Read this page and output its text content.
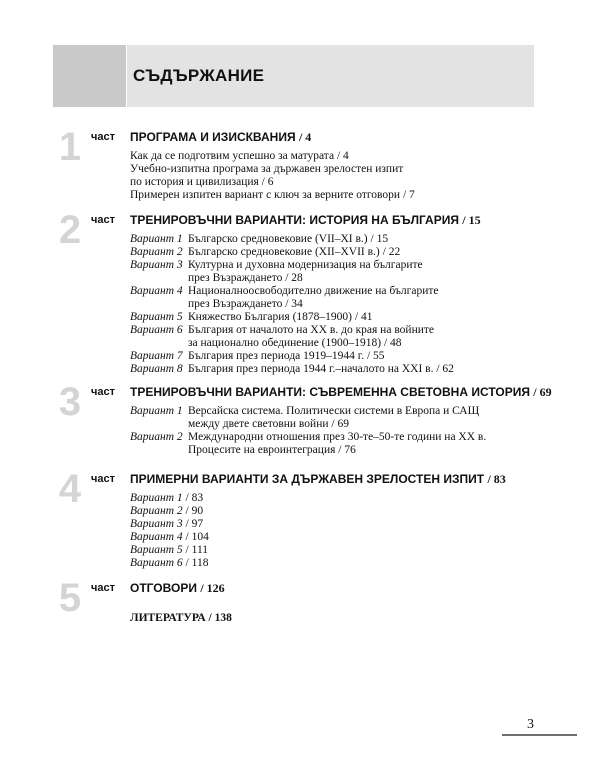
СЪДЪРЖАНИЕ
1 част ПРОГРАМА И ИЗИСКВАНИЯ / 4
Как да се подготвим успешно за матурата / 4
Учебно-изпитна програма за държавен зрелостен изпит
по история и цивилизация / 6
Примерен изпитен вариант с ключ за верните отговори / 7
2 част ТРЕНИРОВЪЧНИ ВАРИАНТИ: ИСТОРИЯ НА БЪЛГАРИЯ / 15
Вариант 1 Българско средновековие (VII–XI в.) / 15
Вариант 2 Българско средновековие (XII–XVII в.) / 22
Вариант 3 Културна и духовна модернизация на българите
през Възраждането / 28
Вариант 4 Националноосвободително движение на българите
през Възраждането / 34
Вариант 5 Княжество България (1878–1900) / 41
Вариант 6 България от началото на XX в. до края на войните
за национално обединение (1900–1918) / 48
Вариант 7 България през периода 1919–1944 г. / 55
Вариант 8 България през периода 1944 г.–началото на XXI в. / 62
3 част ТРЕНИРОВЪЧНИ ВАРИАНТИ: СЪВРЕМЕННА СВЕТОВНА ИСТОРИЯ / 69
Вариант 1 Версайска система. Политически системи в Европа и САЩ
между двете световни войни / 69
Вариант 2 Международни отношения през 30-те–50-те години на XX в.
Процесите на евроинтеграция / 76
4 част ПРИМЕРНИ ВАРИАНТИ ЗА ДЪРЖАВЕН ЗРЕЛОСТЕН ИЗПИТ / 83
Вариант 1 / 83
Вариант 2 / 90
Вариант 3 / 97
Вариант 4 / 104
Вариант 5 / 111
Вариант 6 / 118
5 част ОТГОВОРИ / 126
ЛИТЕРАТУРА / 138
3
